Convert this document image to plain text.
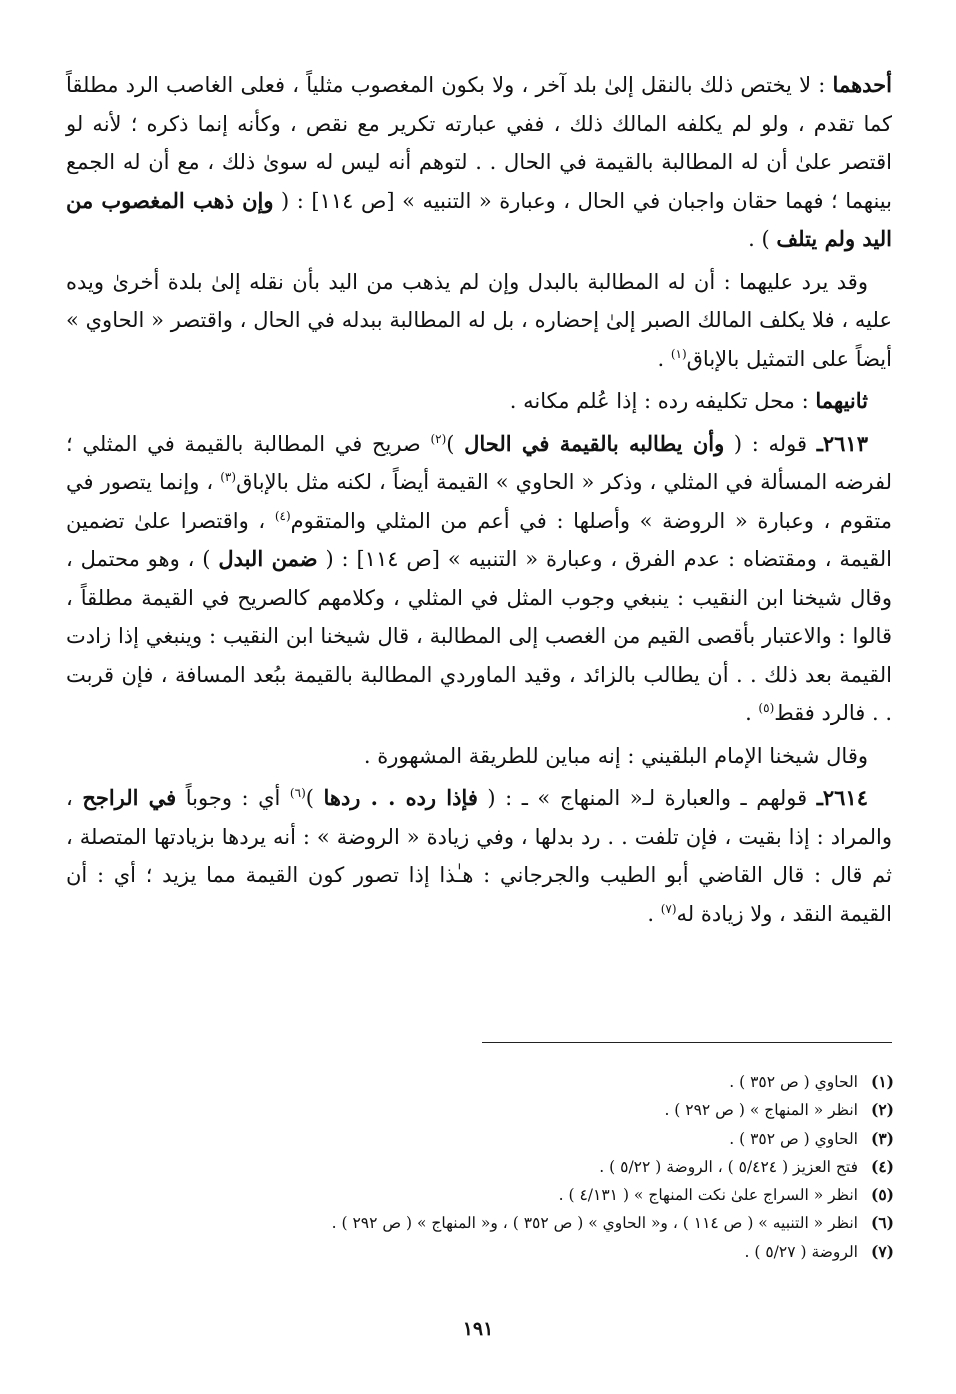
أحدهما : لا يختص ذلك بالنقل إلىٰ بلد آخر ، ولا بكون المغصوب مثلياً ، فعلى الغاصب الرد مطلقاً كما تقدم ، ولو لم يكلفه المالك ذلك ، ففي عبارته تكرير مع نقص ، وكأنه إنما ذكره ؛ لأنه لو اقتصر علىٰ أن له المطالبة بالقيمة في الحال . . لتوهم أنه ليس له سوىٰ ذلك ، مع أن له الجمع بينهما ؛ فهما حقان واجبان في الحال ، وعبارة « التنبيه » [ص ١١٤] : ( وإن ذهب المغصوب من اليد ولم يتلف ) .

وقد يرد عليهما : أن له المطالبة بالبدل وإن لم يذهب من اليد بأن نقله إلىٰ بلدة أخرىٰ ويده عليه ، فلا يكلف المالك الصبر إلىٰ إحضاره ، بل له المطالبة ببدله في الحال ، واقتصر « الحاوي » أيضاً على التمثيل بالإباق$^{(١)}$ .

ثانيهما : محل تكليفه رده : إذا عُلم مكانه .

٢٦١٣ـ قوله : ( وأن يطالبه بالقيمة في الحال )$^{(٢)}$ صريح في المطالبة بالقيمة في المثلي ؛ لفرضه المسألة في المثلي ، وذكر « الحاوي » القيمة أيضاً ، لكنه مثل بالإباق$^{(٣)}$ ، وإنما يتصور في متقوم ، وعبارة « الروضة » وأصلها : في أعم من المثلي والمتقوم$^{(٤)}$ ، واقتصرا علىٰ تضمين القيمة ، ومقتضاه : عدم الفرق ، وعبارة « التنبيه » [ص ١١٤] : ( ضمن البدل ) ، وهو محتمل ، وقال شيخنا ابن النقيب : ينبغي وجوب المثل في المثلي ، وكلامهم كالصريح في القيمة مطلقاً ، قالوا : والاعتبار بأقصى القيم من الغصب إلى المطالبة ، قال شيخنا ابن النقيب : وينبغي إذا زادت القيمة بعد ذلك . . أن يطالب بالزائد ، وقيد الماوردي المطالبة بالقيمة ببُعد المسافة ، فإن قربت . . فالرد فقط$^{(٥)}$ .

وقال شيخنا الإمام البلقيني : إنه مباين للطريقة المشهورة .

٢٦١٤ـ قولهم ـ والعبارة لـ« المنهاج » ـ : ( فإذا رده . . ردها )$^{(٦)}$ أي : وجوباً في الراجح ، والمراد : إذا بقيت ، فإن تلفت . . رد بدلها ، وفي زيادة « الروضة » : أنه يردها بزيادتها المتصلة ، ثم قال : قال القاضي أبو الطيب والجرجاني : هـٰذا إذا تصور كون القيمة مما يزيد ؛ أي : أن القيمة النقد ، ولا زيادة له$^{(٧)}$ .

(١)الحاوي ( ص ٣٥٢ ) .
(٢)انظر « المنهاج » ( ص ٢٩٢ ) .
(٣)الحاوي ( ص ٣٥٢ ) .
(٤)فتح العزيز ( ٥/٤٢٤ ) ، الروضة ( ٥/٢٢ ) .
(٥)انظر « السراج علىٰ نكت المنهاج » ( ٤/١٣١ ) .
(٦)انظر « التنبيه » ( ص ١١٤ ) ، و« الحاوي » ( ص ٣٥٢ ) ، و« المنهاج » ( ص ٢٩٢ ) .
(٧)الروضة ( ٥/٢٧ ) .
١٩١
